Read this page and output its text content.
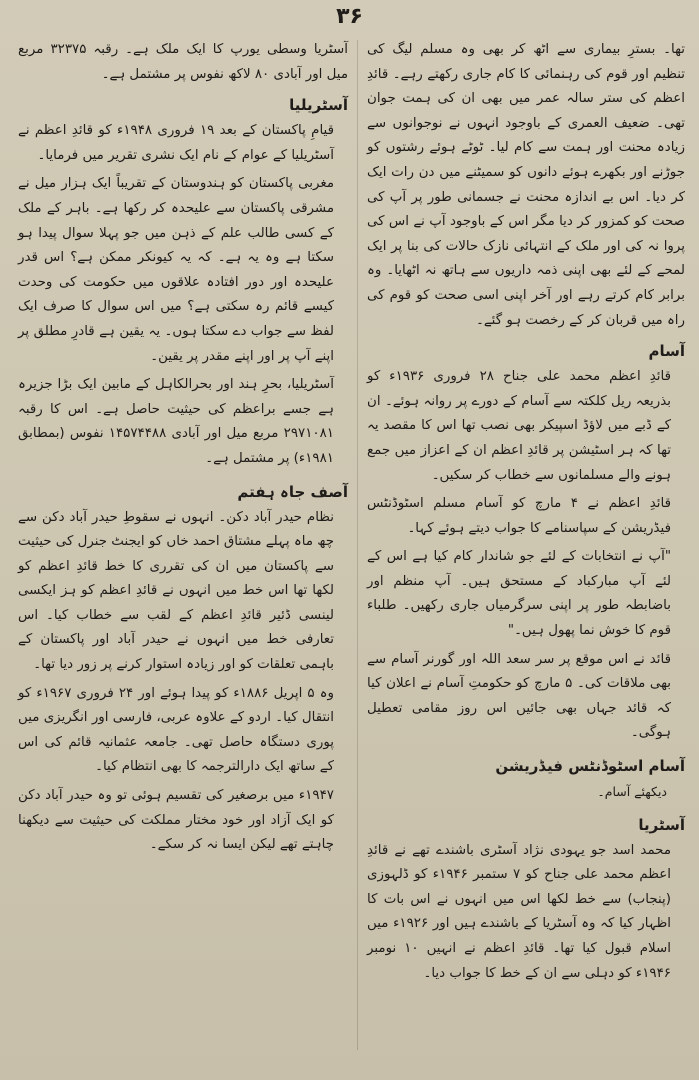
۳۶

تھا۔ بسترِ بیماری سے اٹھ کر بھی وہ مسلم لیگ کی تنظیم اور قوم کی رہنمائی کا کام جاری رکھتے رہے۔ قائدِ اعظم کی ستر سالہ عمر میں بھی ان کی ہمت جوان تھی۔ ضعیف العمری کے باوجود انہوں نے نوجوانوں سے زیادہ محنت اور ہمت سے کام لیا۔ ٹوٹے ہوئے رشتوں کو جوڑنے اور بکھرے ہوئے دانوں کو سمیٹنے میں دن رات ایک کر دیا۔ اس بے اندازہ محنت نے جسمانی طور پر آپ کی صحت کو کمزور کر دیا مگر اس کے باوجود آپ نے اس کی پروا نہ کی اور ملک کے انتہائی نازک حالات کی بنا پر ایک لمحے کے لئے بھی اپنی ذمہ داریوں سے ہاتھ نہ اٹھایا۔ وہ برابر کام کرتے رہے اور آخر اپنی اسی صحت کو قوم کی راہ میں قربان کر کے رخصت ہو گئے۔

آسام

قائدِ اعظم محمد علی جناح ۲۸ فروری ۱۹۳۶ء کو بذریعہ ریل کلکتہ سے آسام کے دورے پر روانہ ہوئے۔ ان کے ڈبے میں لاؤڈ اسپیکر بھی نصب تھا اس کا مقصد یہ تھا کہ ہر اسٹیشن پر قائدِ اعظم ان کے اعزاز میں جمع ہونے والے مسلمانوں سے خطاب کر سکیں۔

قائدِ اعظم نے ۴ مارچ کو آسام مسلم اسٹوڈنٹس فیڈریشن کے سپاسنامے کا جواب دیتے ہوئے کہا۔

"آپ نے انتخابات کے لئے جو شاندار کام کیا ہے اس کے لئے آپ مبارکباد کے مستحق ہیں۔ آپ منظم اور باضابطہ طور پر اپنی سرگرمیاں جاری رکھیں۔ طلباء قوم کا خوش نما پھول ہیں۔"

قائد نے اس موقع پر سر سعد اللہ اور گورنر آسام سے بھی ملاقات کی۔ ۵ مارچ کو حکومتِ آسام نے اعلان کیا کہ قائد جہاں بھی جائیں اس روز مقامی تعطیل ہوگی۔

آسام اسٹوڈنٹس فیڈریشن

دیکھئے آسام۔

آسٹریا

محمد اسد جو یہودی نژاد آسٹری باشندے تھے نے قائدِ اعظم محمد علی جناح کو ۷ ستمبر ۱۹۴۶ء کو ڈلہوزی (پنجاب) سے خط لکھا اس میں انہوں نے اس بات کا اظہار کیا کہ وہ آسٹریا کے باشندے ہیں اور ۱۹۲۶ء میں اسلام قبول کیا تھا۔ قائدِ اعظم نے انہیں ۱۰ نومبر ۱۹۴۶ء کو دہلی سے ان کے خط کا جواب دیا۔

آسٹریا وسطی یورپ کا ایک ملک ہے۔ رقبہ ۳۲۳۷۵ مربع میل اور آبادی ۸۰ لاکھ نفوس پر مشتمل ہے۔

آسٹریلیا

قیامِ پاکستان کے بعد ۱۹ فروری ۱۹۴۸ء کو قائدِ اعظم نے آسٹریلیا کے عوام کے نام ایک نشری تقریر میں فرمایا۔

مغربی پاکستان کو ہندوستان کے تقریباً ایک ہزار میل نے مشرقی پاکستان سے علیحدہ کر رکھا ہے۔ باہر کے ملک کے کسی طالب علم کے ذہن میں جو پہلا سوال پیدا ہو سکتا ہے وہ یہ ہے۔ کہ یہ کیونکر ممکن ہے؟ اس قدر علیحدہ اور دور افتادہ علاقوں میں حکومت کی وحدت کیسے قائم رہ سکتی ہے؟ میں اس سوال کا صرف ایک لفظ سے جواب دے سکتا ہوں۔ یہ یقین ہے قادرِ مطلق پر اپنے آپ پر اور اپنے مقدر پر یقین۔

آسٹریلیا، بحرِ ہند اور بحرالکاہل کے مابین ایک بڑا جزیرہ ہے جسے براعظم کی حیثیت حاصل ہے۔ اس کا رقبہ ۲۹۷۱۰۸۱ مربع میل اور آبادی ۱۴۵۷۴۴۸۸ نفوس (بمطابق ۱۹۸۱ء) پر مشتمل ہے۔

آصف جاہ ہفتم

نظام حیدر آباد دکن۔ انہوں نے سقوطِ حیدر آباد دکن سے چھ ماہ پہلے مشتاق احمد خاں کو ایجنٹ جنرل کی حیثیت سے پاکستان میں ان کی تقرری کا خط قائدِ اعظم کو لکھا تھا اس خط میں انہوں نے قائدِ اعظم کو ہز ایکسی لینسی ڈئیر قائدِ اعظم کے لقب سے خطاب کیا۔ اس تعارفی خط میں انہوں نے حیدر آباد اور پاکستان کے باہمی تعلقات کو اور زیادہ استوار کرنے پر زور دیا تھا۔

وہ ۵ اپریل ۱۸۸۶ء کو پیدا ہوئے اور ۲۴ فروری ۱۹۶۷ء کو انتقال کیا۔ اردو کے علاوہ عربی، فارسی اور انگریزی میں پوری دستگاہ حاصل تھی۔ جامعہ عثمانیہ قائم کی اس کے ساتھ ایک دارالترجمہ کا بھی انتظام کیا۔

۱۹۴۷ء میں برصغیر کی تقسیم ہوئی تو وہ حیدر آباد دکن کو ایک آزاد اور خود مختار مملکت کی حیثیت سے دیکھنا چاہتے تھے لیکن ایسا نہ کر سکے۔
